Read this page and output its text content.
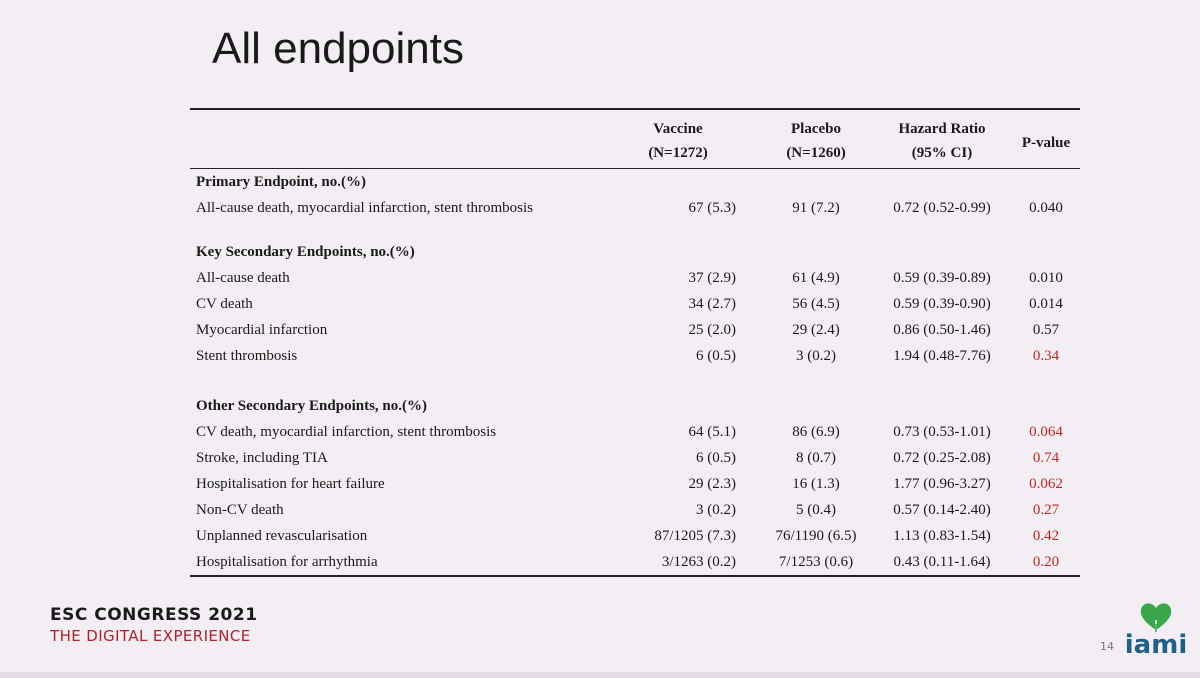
All endpoints
	Vaccine	Placebo	Hazard Ratio	P-value
	(N=1272)	(N=1260)	(95% CI)	
Primary Endpoint, no.(%)				
All-cause death, myocardial infarction, stent thrombosis	67 (5.3)	91 (7.2)	0.72 (0.52-0.99)	0.040

Key Secondary Endpoints, no.(%)				
All-cause death	37 (2.9)	61 (4.9)	0.59 (0.39-0.89)	0.010
CV death	34 (2.7)	56 (4.5)	0.59 (0.39-0.90)	0.014
Myocardial infarction	25 (2.0)	29 (2.4)	0.86 (0.50-1.46)	0.57
Stent thrombosis	6 (0.5)	3 (0.2)	1.94 (0.48-7.76)	0.34

Other Secondary Endpoints, no.(%)				
CV death, myocardial infarction, stent thrombosis	64 (5.1)	86 (6.9)	0.73 (0.53-1.01)	0.064
Stroke, including TIA	6 (0.5)	8 (0.7)	0.72 (0.25-2.08)	0.74
Hospitalisation for heart failure	29 (2.3)	16 (1.3)	1.77 (0.96-3.27)	0.062
Non-CV death	3 (0.2)	5 (0.4)	0.57 (0.14-2.40)	0.27
Unplanned revascularisation	87/1205 (7.3)	76/1190 (6.5)	1.13 (0.83-1.54)	0.42
Hospitalisation for arrhythmia	3/1263 (0.2)	7/1253 (0.6)	0.43 (0.11-1.64)	0.20
ESC CONGRESS 2021
THE DIGITAL EXPERIENCE
14 iami
